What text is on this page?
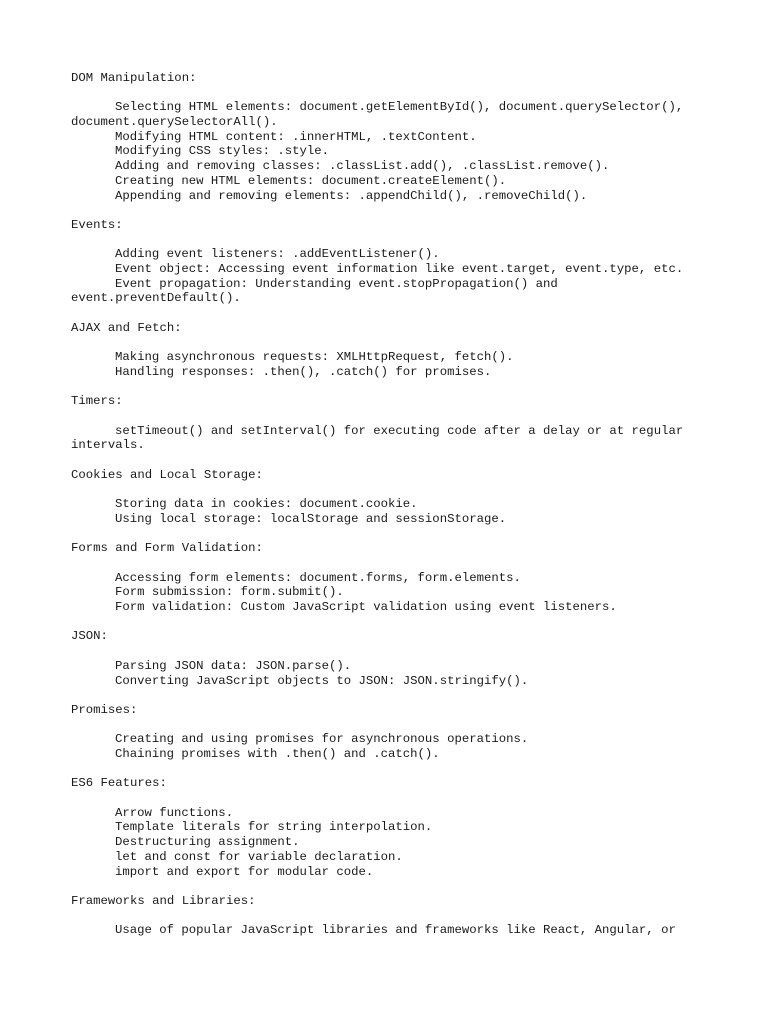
DOM Manipulation:
Selecting HTML elements: document.getElementById(), document.querySelector(), document.querySelectorAll().
Modifying HTML content: .innerHTML, .textContent.
Modifying CSS styles: .style.
Adding and removing classes: .classList.add(), .classList.remove().
Creating new HTML elements: document.createElement().
Appending and removing elements: .appendChild(), .removeChild().
Events:
Adding event listeners: .addEventListener().
Event object: Accessing event information like event.target, event.type, etc.
Event propagation: Understanding event.stopPropagation() and event.preventDefault().
AJAX and Fetch:
Making asynchronous requests: XMLHttpRequest, fetch().
Handling responses: .then(), .catch() for promises.
Timers:
setTimeout() and setInterval() for executing code after a delay or at regular intervals.
Cookies and Local Storage:
Storing data in cookies: document.cookie.
Using local storage: localStorage and sessionStorage.
Forms and Form Validation:
Accessing form elements: document.forms, form.elements.
Form submission: form.submit().
Form validation: Custom JavaScript validation using event listeners.
JSON:
Parsing JSON data: JSON.parse().
Converting JavaScript objects to JSON: JSON.stringify().
Promises:
Creating and using promises for asynchronous operations.
Chaining promises with .then() and .catch().
ES6 Features:
Arrow functions.
Template literals for string interpolation.
Destructuring assignment.
let and const for variable declaration.
import and export for modular code.
Frameworks and Libraries:
Usage of popular JavaScript libraries and frameworks like React, Angular, or
